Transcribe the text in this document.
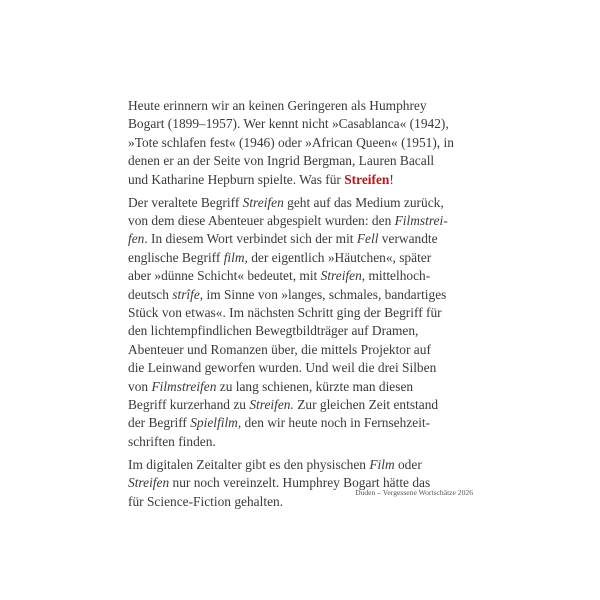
Heute erinnern wir an keinen Geringeren als Humphrey
Bogart (1899–1957). Wer kennt nicht »Casablanca« (1942),
»Tote schlafen fest« (1946) oder »African Queen« (1951), in
denen er an der Seite von Ingrid Bergman, Lauren Bacall
und Katharine Hepburn spielte. Was für Streifen!

Der veraltete Begriff Streifen geht auf das Medium zurück,
von dem diese Abenteuer abgespielt wurden: den Filmstrei-
fen. In diesem Wort verbindet sich der mit Fell verwandte
englische Begriff film, der eigentlich »Häutchen«, später
aber »dünne Schicht« bedeutet, mit Streifen, mittelhoch-
deutsch strîfe, im Sinne von »langes, schmales, bandartiges
Stück von etwas«. Im nächsten Schritt ging der Begriff für
den lichtempfindlichen Bewegtbildträger auf Dramen,
Abenteuer und Romanzen über, die mittels Projektor auf
die Leinwand geworfen wurden. Und weil die drei Silben
von Filmstreifen zu lang schienen, kürzte man diesen
Begriff kurzerhand zu Streifen. Zur gleichen Zeit entstand
der Begriff Spielfilm, den wir heute noch in Fernsehzeit-
schriften finden.

Im digitalen Zeitalter gibt es den physischen Film oder
Streifen nur noch vereinzelt. Humphrey Bogart hätte das
für Science-Fiction gehalten.

Duden – Vergessene Wortschätze 2026
